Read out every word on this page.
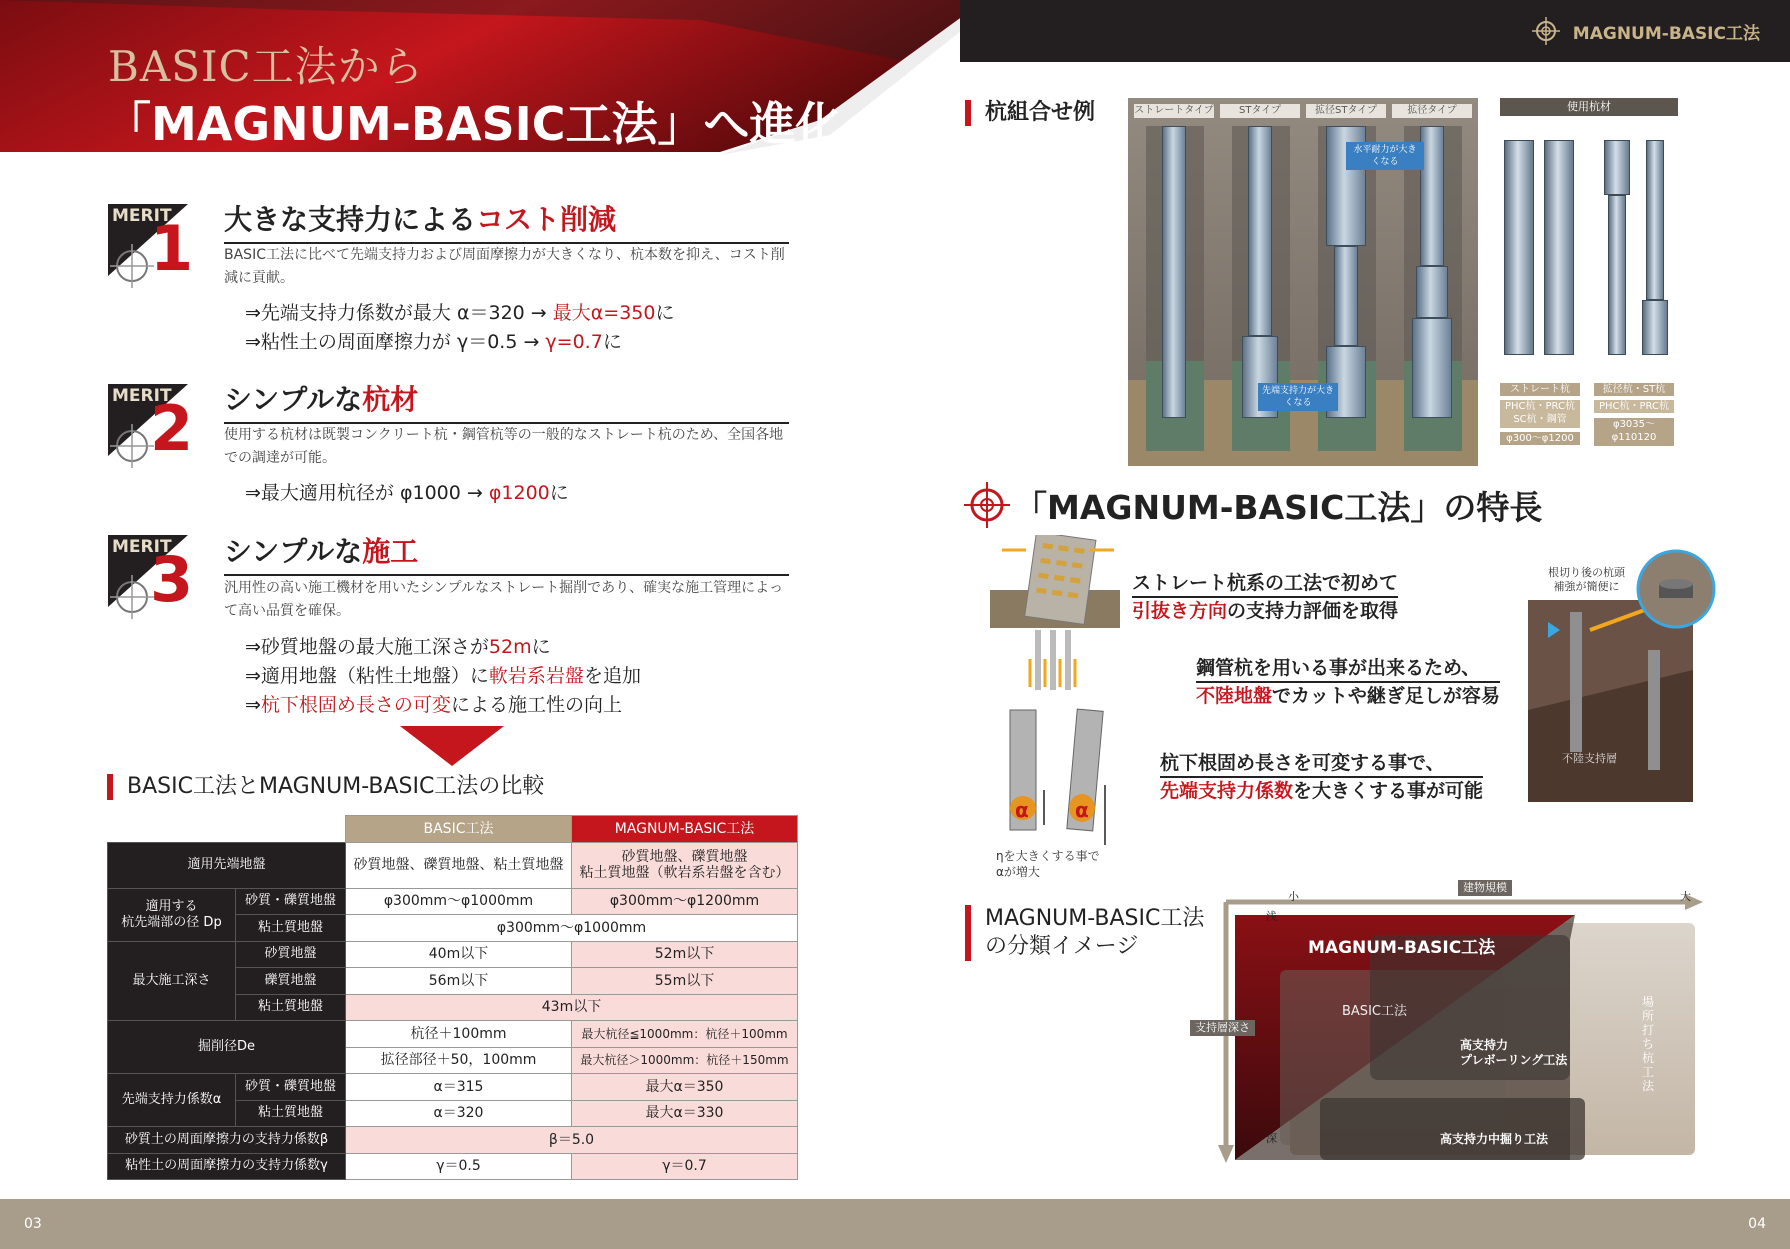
MAGNUM-BASIC工法
BASIC工法から
「MAGNUM-BASIC工法」へ進化
MERIT
1 大きな支持力によるコスト削減
BASIC工法に比べて先端支持力および周面摩擦力が大きくなり、杭本数を抑え、コスト削減に貢献。
⇒先端支持力係数が最大 α＝320 → 最大α=350に
⇒粘性土の周面摩擦力が γ＝0.5 → γ=0.7に
MERIT
2 シンプルな杭材
使用する杭材は既製コンクリート杭・鋼管杭等の一般的なストレート杭のため、全国各地での調達が可能。
⇒最大適用杭径が φ1000 → φ1200に
MERIT
3 シンプルな施工
汎用性の高い施工機材を用いたシンプルなストレート掘削であり、確実な施工管理によって高い品質を確保。
⇒砂質地盤の最大施工深さが52mに
⇒適用地盤（粘性土地盤）に軟岩系岩盤を追加
⇒杭下根固め長さの可変による施工性の向上
BASIC工法とMAGNUM-BASIC工法の比較
		BASIC工法	MAGNUM-BASIC工法
適用先端地盤		砂質地盤、礫質地盤、粘土質地盤	砂質地盤、礫質地盤
粘土質地盤（軟岩系岩盤を含む）

適用する
杭先端部の径 Dp	砂質・礫質地盤	φ300mm～φ1000mm	φ300mm～φ1200mm
	粘土質地盤	φ300mm～φ1000mm	
最大施工深さ	砂質地盤	40m以下	52m以下
	礫質地盤	56m以下	55m以下
	粘土質地盤	43m以下	
掘削径De		杭径＋100mm	最大杭径≦1000mm：杭径＋100mm
		拡径部径＋50，100mm	最大杭径＞1000mm：杭径＋150mm
先端支持力係数α	砂質・礫質地盤	α＝315	最大α＝350
	粘土質地盤	α＝320	最大α＝330
砂質土の周面摩擦力の支持力係数β		β＝5.0	
粘性土の周面摩擦力の支持力係数γ		γ＝0.5	γ＝0.7
杭組合せ例	ストレートタイプ	STタイプ	拡径STタイプ	拡径タイプ
水平耐力が大きくなる
先端支持力が大きくなる
使用杭材
ストレート杭
PHC杭・PRC杭 SC杭・鋼管
φ300～φ1200
拡径杭・ST杭
PHC杭・PRC杭
φ3035～φ110120
「MAGNUM-BASIC工法」の特長
α α
ηを大きくする事で
αが増大
ストレート杭系の工法で初めて
引抜き方向の支持力評価を取得
鋼管杭を用いる事が出来るため、
不陸地盤でカットや継ぎ足しが容易
杭下根固め長さを可変する事で、
先端支持力係数を大きくする事が可能
根切り後の杭頭
補強が簡便に
不陸支持層
MAGNUM-BASIC工法
の分類イメージ
建物規模
小	大
浅
深
支持層深さ
MAGNUM-BASIC工法
BASIC工法
高支持力
プレボーリング工法
高支持力中掘り工法
場所打ち杭工法
03	04
